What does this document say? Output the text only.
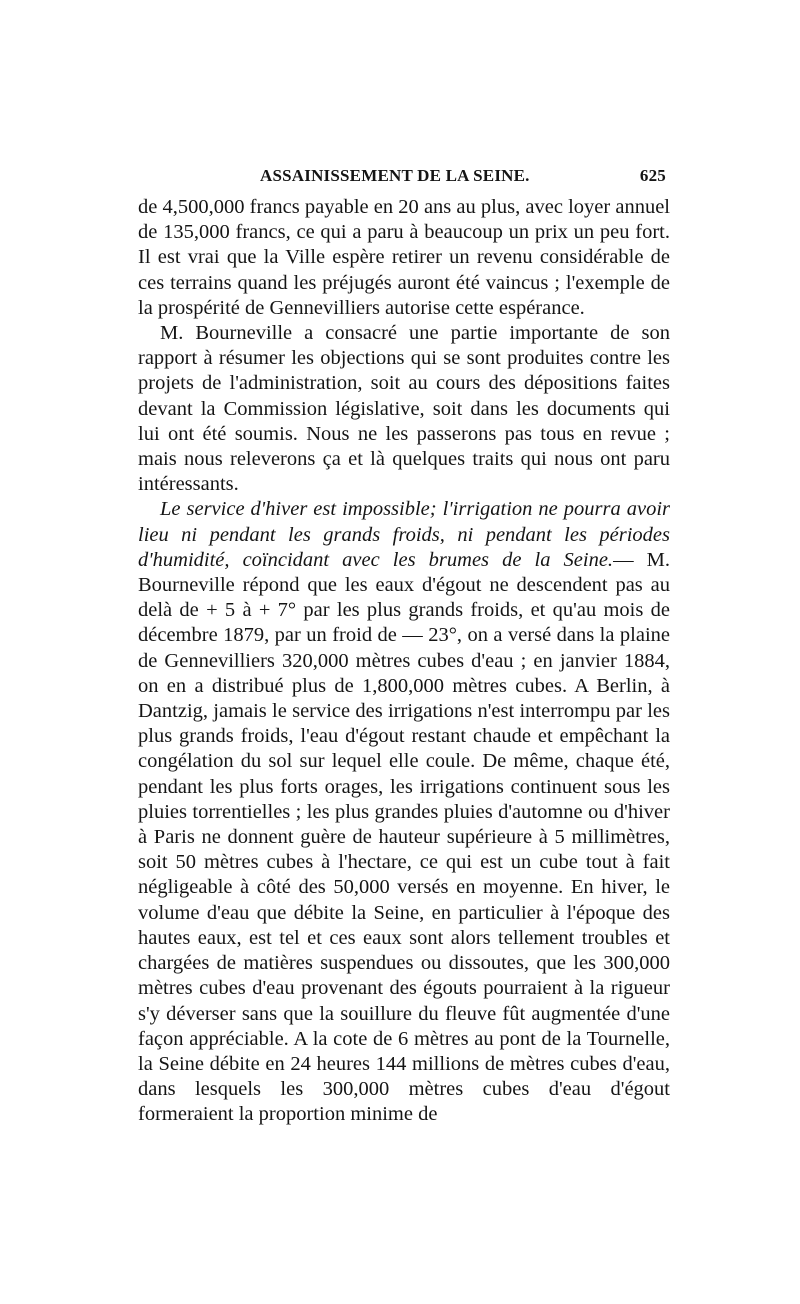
ASSAINISSEMENT DE LA SEINE.	625

de 4,500,000 francs payable en 20 ans au plus, avec loyer annuel de 135,000 francs, ce qui a paru à beaucoup un prix un peu fort. Il est vrai que la Ville espère retirer un revenu considérable de ces terrains quand les préjugés auront été vaincus ; l'exemple de la prospérité de Gennevilliers autorise cette espérance.

M. Bourneville a consacré une partie importante de son rapport à résumer les objections qui se sont produites contre les projets de l'administration, soit au cours des dépositions faites devant la Commission législative, soit dans les documents qui lui ont été soumis. Nous ne les passerons pas tous en revue ; mais nous releverons ça et là quelques traits qui nous ont paru intéressants.

Le service d'hiver est impossible; l'irrigation ne pourra avoir lieu ni pendant les grands froids, ni pendant les périodes d'humidité, coïncidant avec les brumes de la Seine.— M. Bourneville répond que les eaux d'égout ne descendent pas au delà de + 5 à + 7° par les plus grands froids, et qu'au mois de décembre 1879, par un froid de — 23°, on a versé dans la plaine de Gennevilliers 320,000 mètres cubes d'eau ; en janvier 1884, on en a distribué plus de 1,800,000 mètres cubes. A Berlin, à Dantzig, jamais le service des irrigations n'est interrompu par les plus grands froids, l'eau d'égout restant chaude et empêchant la congélation du sol sur lequel elle coule. De même, chaque été, pendant les plus forts orages, les irrigations continuent sous les pluies torrentielles ; les plus grandes pluies d'automne ou d'hiver à Paris ne donnent guère de hauteur supérieure à 5 millimètres, soit 50 mètres cubes à l'hectare, ce qui est un cube tout à fait négligeable à côté des 50,000 versés en moyenne. En hiver, le volume d'eau que débite la Seine, en particulier à l'époque des hautes eaux, est tel et ces eaux sont alors tellement troubles et chargées de matières suspendues ou dissoutes, que les 300,000 mètres cubes d'eau provenant des égouts pourraient à la rigueur s'y déverser sans que la souillure du fleuve fût augmentée d'une façon appréciable. A la cote de 6 mètres au pont de la Tournelle, la Seine débite en 24 heures 144 millions de mètres cubes d'eau, dans lesquels les 300,000 mètres cubes d'eau d'égout formeraient la proportion minime de
